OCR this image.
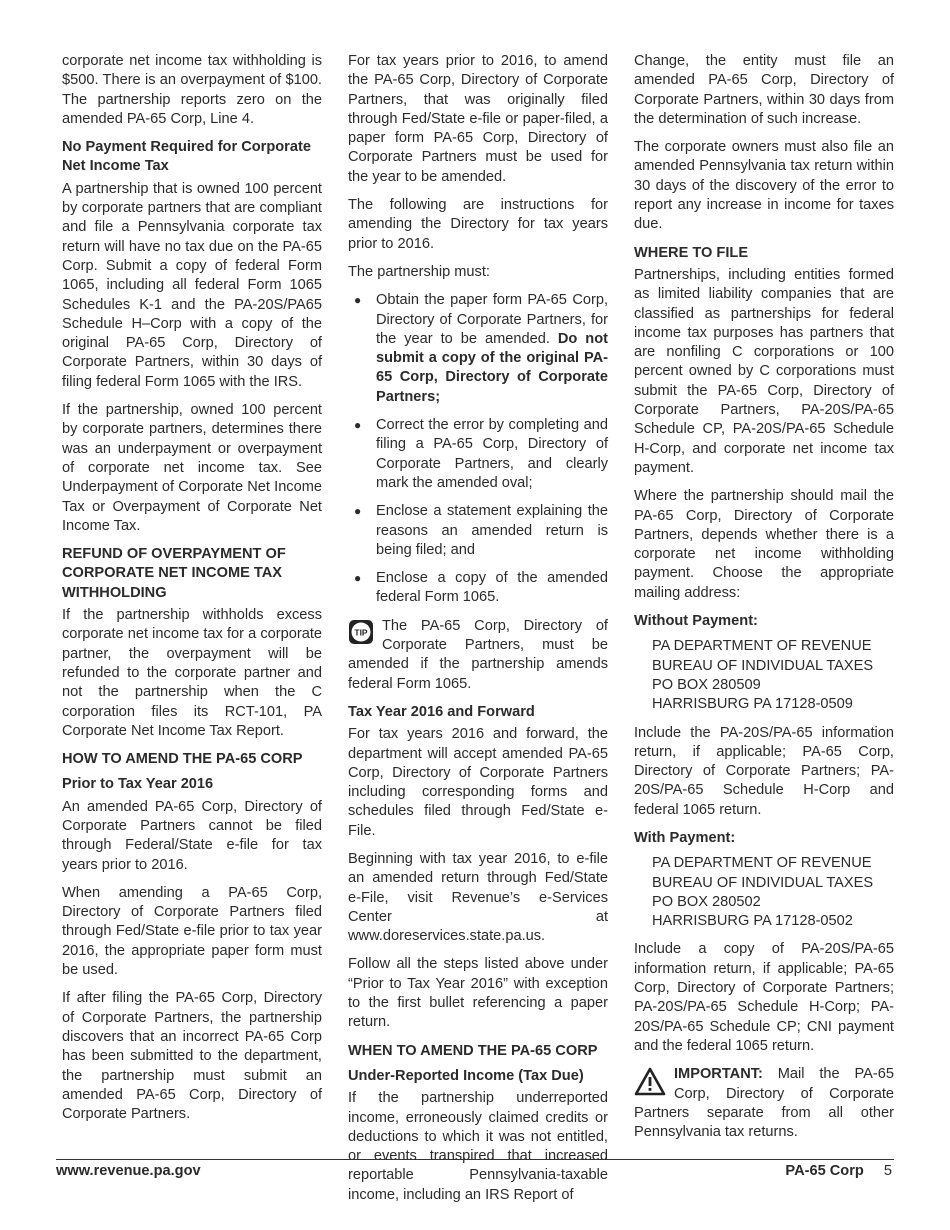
corporate net income tax withholding is $500. There is an overpayment of $100. The partnership reports zero on the amended PA-65 Corp, Line 4.

No Payment Required for Corporate Net Income Tax

A partnership that is owned 100 percent by corporate partners that are compliant and file a Pennsylvania corporate tax return will have no tax due on the PA-65 Corp. Submit a copy of federal Form 1065, including all federal Form 1065 Schedules K-1 and the PA-20S/PA65 Schedule H–Corp with a copy of the original PA-65 Corp, Directory of Corporate Partners, within 30 days of filing federal Form 1065 with the IRS.

If the partnership, owned 100 percent by corporate partners, determines there was an underpayment or overpayment of corporate net income tax. See Underpayment of Corporate Net Income Tax or Overpayment of Corporate Net Income Tax.

REFUND OF OVERPAYMENT OF CORPORATE NET INCOME TAX WITHHOLDING

If the partnership withholds excess corporate net income tax for a corporate partner, the overpayment will be refunded to the corporate partner and not the partnership when the C corporation files its RCT-101, PA Corporate Net Income Tax Report.

HOW TO AMEND THE PA-65 CORP
Prior to Tax Year 2016

An amended PA-65 Corp, Directory of Corporate Partners cannot be filed through Federal/State e-file for tax years prior to 2016.

When amending a PA-65 Corp, Directory of Corporate Partners filed through Fed/State e-file prior to tax year 2016, the appropriate paper form must be used.

If after filing the PA-65 Corp, Directory of Corporate Partners, the partnership discovers that an incorrect PA-65 Corp has been submitted to the department, the partnership must submit an amended PA-65 Corp, Directory of Corporate Partners.

For tax years prior to 2016, to amend the PA-65 Corp, Directory of Corporate Partners, that was originally filed through Fed/State e-file or paper-filed, a paper form PA-65 Corp, Directory of Corporate Partners must be used for the year to be amended.

The following are instructions for amending the Directory for tax years prior to 2016.

The partnership must:

● Obtain the paper form PA-65 Corp, Directory of Corporate Partners, for the year to be amended. Do not submit a copy of the original PA-65 Corp, Directory of Corporate Partners;
● Correct the error by completing and filing a PA-65 Corp, Directory of Corporate Partners, and clearly mark the amended oval;
● Enclose a statement explaining the reasons an amended return is being filed; and
● Enclose a copy of the amended federal Form 1065.

TIP The PA-65 Corp, Directory of Corporate Partners, must be amended if the partnership amends federal Form 1065.

Tax Year 2016 and Forward

For tax years 2016 and forward, the department will accept amended PA-65 Corp, Directory of Corporate Partners including corresponding forms and schedules filed through Fed/State e-File.

Beginning with tax year 2016, to e-file an amended return through Fed/State e-File, visit Revenue’s e-Services Center at www.doreservices.state.pa.us.

Follow all the steps listed above under “Prior to Tax Year 2016” with exception to the first bullet referencing a paper return.

WHEN TO AMEND THE PA-65 CORP
Under-Reported Income (Tax Due)

If the partnership underreported income, erroneously claimed credits or deductions to which it was not entitled, or events transpired that increased reportable Pennsylvania-taxable income, including an IRS Report of

Change, the entity must file an amended PA-65 Corp, Directory of Corporate Partners, within 30 days from the determination of such increase.

The corporate owners must also file an amended Pennsylvania tax return within 30 days of the discovery of the error to report any increase in income for taxes due.

WHERE TO FILE

Partnerships, including entities formed as limited liability companies that are classified as partnerships for federal income tax purposes has partners that are nonfiling C corporations or 100 percent owned by C corporations must submit the PA-65 Corp, Directory of Corporate Partners, PA-20S/PA-65 Schedule CP, PA-20S/PA-65 Schedule H-Corp, and corporate net income tax payment.

Where the partnership should mail the PA-65 Corp, Directory of Corporate Partners, depends whether there is a corporate net income withholding payment. Choose the appropriate mailing address:

Without Payment:
PA DEPARTMENT OF REVENUE
BUREAU OF INDIVIDUAL TAXES
PO BOX 280509
HARRISBURG PA 17128-0509

Include the PA-20S/PA-65 information return, if applicable; PA-65 Corp, Directory of Corporate Partners; PA-20S/PA-65 Schedule H-Corp and federal 1065 return.

With Payment:
PA DEPARTMENT OF REVENUE
BUREAU OF INDIVIDUAL TAXES
PO BOX 280502
HARRISBURG PA 17128-0502

Include a copy of PA-20S/PA-65 information return, if applicable; PA-65 Corp, Directory of Corporate Partners; PA-20S/PA-65 Schedule H-Corp; PA-20S/PA-65 Schedule CP; CNI payment and the federal 1065 return.

IMPORTANT: Mail the PA-65 Corp, Directory of Corporate Partners separate from all other Pennsylvania tax returns.

www.revenue.pa.gov	PA-65 Corp 5
